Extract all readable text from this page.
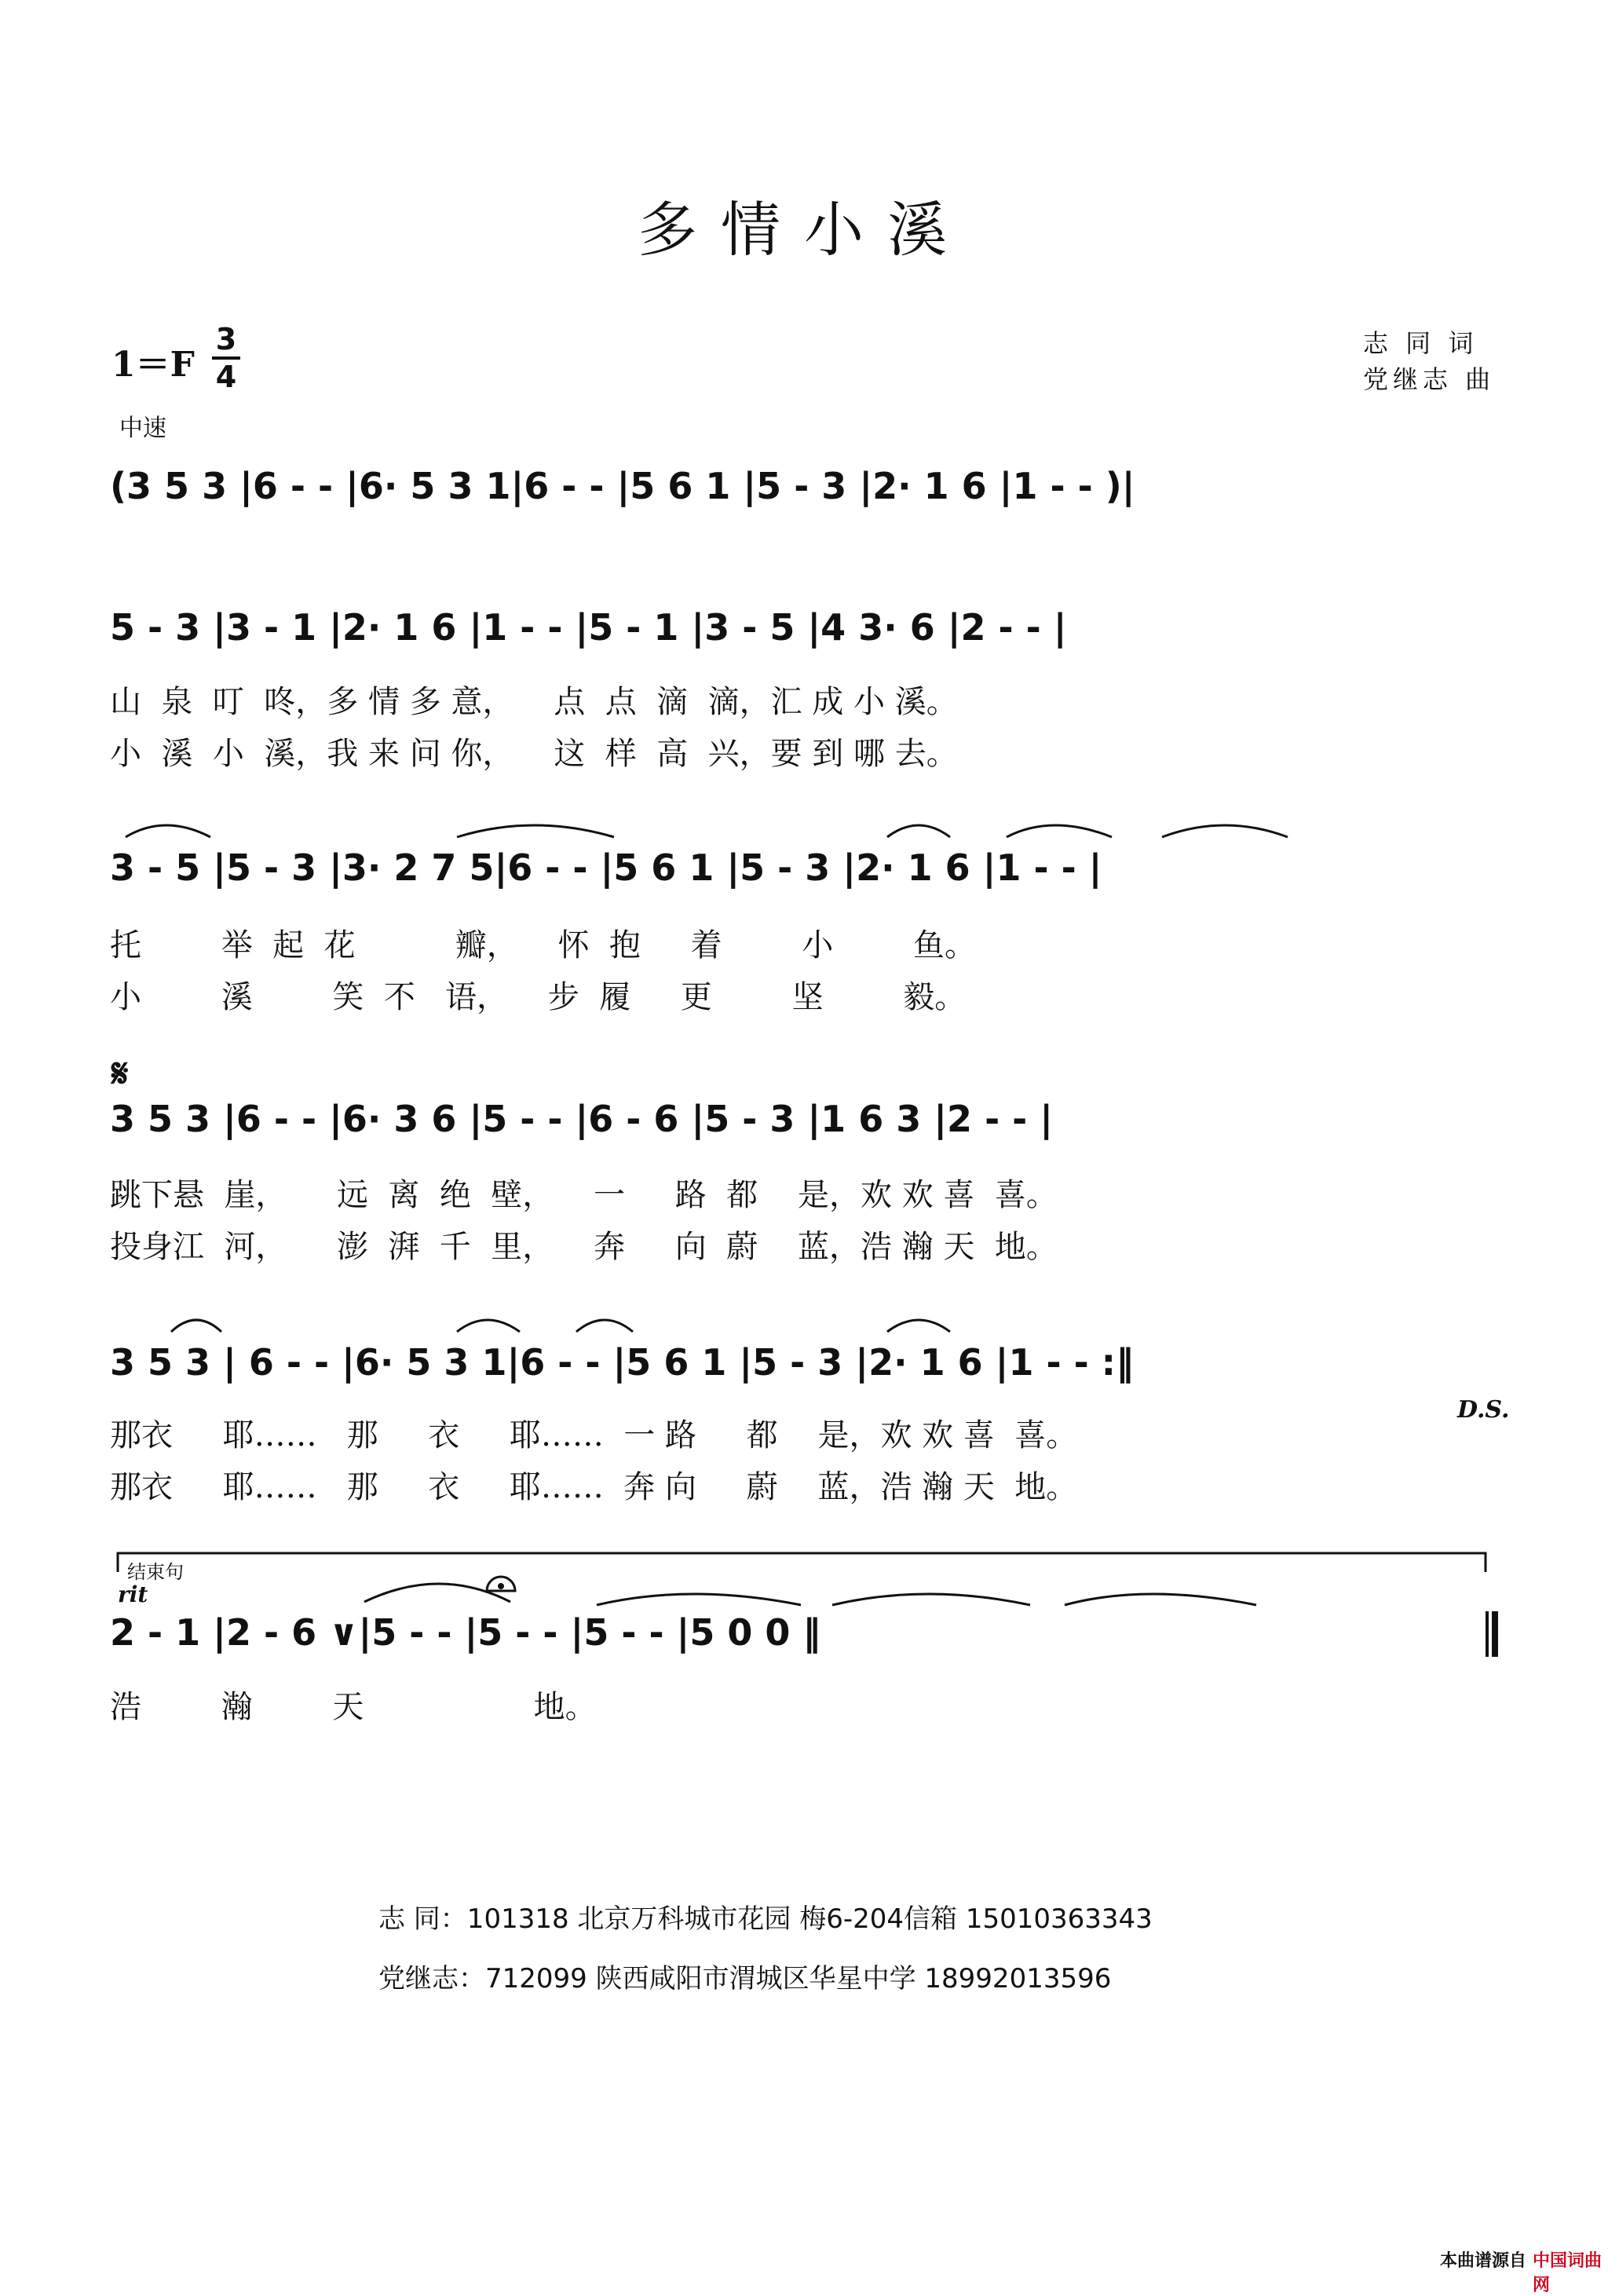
多情小溪
1＝F
3
4
中速
志 同 词
党继志 曲
(3 5 3 |6 - - |6· 5 3 1|6 - - |5 6 1 |5 - 3 |2· 1 6 |1 - - )|
5 - 3 |3 - 1 |2· 1 6 |1 - - |5 - 1 |3 - 5 |4 3· 6 |2 - - |
山  泉  叮  咚，多 情 多 意，    点  点  滴  滴，汇 成 小 溪。
小  溪  小  溪，我 来 问 你，    这  样  高  兴，要 到 哪 去。
3 - 5 |5 - 3 |3· 2 7 5|6 - - |5 6 1 |5 - 3 |2· 1 6 |1 - - |
托        举  起  花          瓣，    怀  抱     着        小        鱼。
小        溪        笑  不   语，    步  履     更        坚        毅。
𝄋
3 5 3 |6 - - |6· 3 6 |5 - - |6 - 6 |5 - 3 |1 6 3 |2 - - |
跳下悬  崖，     远  离  绝  壁，    一     路  都    是，欢 欢 喜  喜。
投身江  河，     澎  湃  千  里，    奔     向  蔚    蓝，浩 瀚 天  地。
3 5 3 | 6 - - |6· 5 3 1|6 - - |5 6 1 |5 - 3 |2· 1 6 |1 - - :‖
D.S.
那衣     耶……   那     衣     耶……  一 路     都    是，欢 欢 喜  喜。
那衣     耶……   那     衣     耶……  奔 向     蔚    蓝，浩 瀚 天  地。
结束句
rit
2 - 1 |2 - 6 ∨|5 - - |5 - - |5 - - |5 0 0 ‖
浩        瀚        天                 地。
志 同：101318 北京万科城市花园 梅6-204信箱 15010363343
党继志：712099 陕西咸阳市渭城区华星中学 18992013596
本曲谱源自 中国词曲网
